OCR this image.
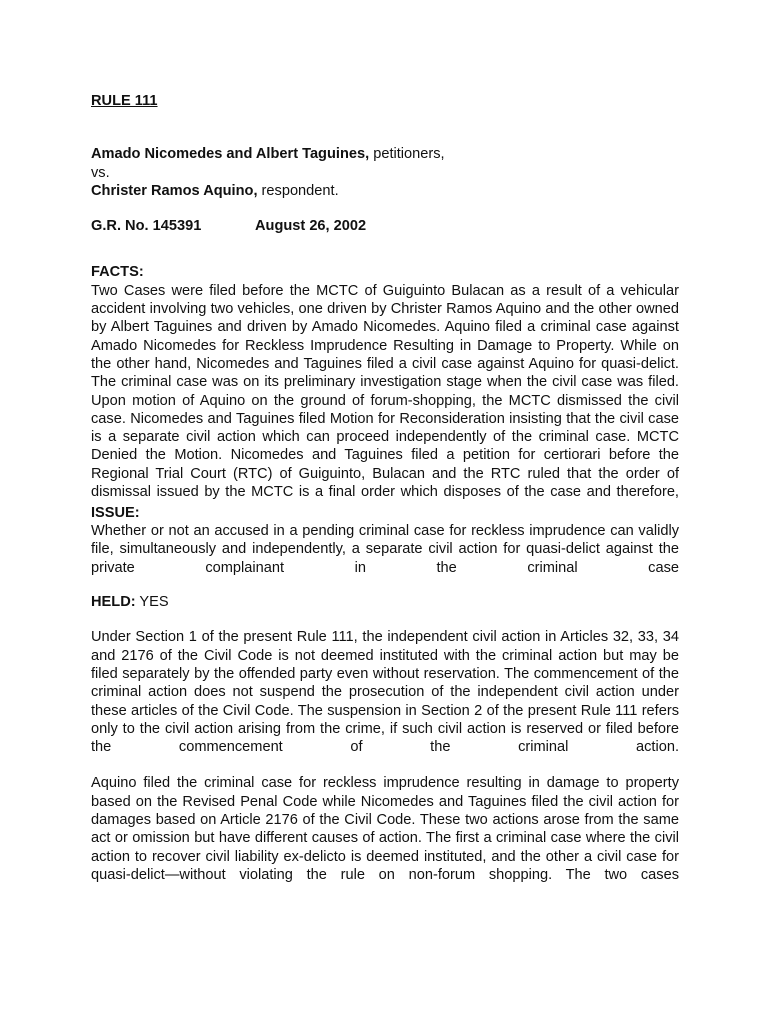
RULE 111
Amado Nicomedes and Albert Taguines, petitioners,
vs.
Christer Ramos Aquino, respondent.
G.R. No. 145391	August 26, 2002
FACTS:

Two Cases were filed before the MCTC of Guiguinto Bulacan as a result of a vehicular accident involving two vehicles, one driven by Christer Ramos Aquino and the other owned by Albert Taguines and driven by Amado Nicomedes. Aquino filed a criminal case against Amado Nicomedes for Reckless Imprudence Resulting in Damage to Property. While on the other hand, Nicomedes and Taguines filed a civil case against Aquino for quasi-delict. The criminal case was on its preliminary investigation stage when the civil case was filed. Upon motion of Aquino on the ground of forum-shopping, the MCTC dismissed the civil case. Nicomedes and Taguines filed Motion for Reconsideration insisting that the civil case is a separate civil action which can proceed independently of the criminal case. MCTC Denied the Motion. Nicomedes and Taguines filed a petition for certiorari before the Regional Trial Court (RTC) of Guiguinto, Bulacan and the RTC ruled that the order of dismissal issued by the MCTC is a final order which disposes of the case and therefore,

ISSUE:

Whether or not an accused in a pending criminal case for reckless imprudence can validly file, simultaneously and independently, a separate civil action for quasi-delict against the private complainant in the criminal case

HELD: YES

Under Section 1 of the present Rule 111, the independent civil action in Articles 32, 33, 34 and 2176 of the Civil Code is not deemed instituted with the criminal action but may be filed separately by the offended party even without reservation. The commencement of the criminal action does not suspend the prosecution of the independent civil action under these articles of the Civil Code. The suspension in Section 2 of the present Rule 111 refers only to the civil action arising from the crime, if such civil action is reserved or filed before the commencement of the criminal action.

Aquino filed the criminal case for reckless imprudence resulting in damage to property based on the Revised Penal Code while Nicomedes and Taguines filed the civil action for damages based on Article 2176 of the Civil Code. These two actions arose from the same act or omission but have different causes of action. The first a criminal case where the civil action to recover civil liability ex-delicto is deemed instituted, and the other a civil case for quasi-delict—without violating the rule on non-forum shopping. The two cases
